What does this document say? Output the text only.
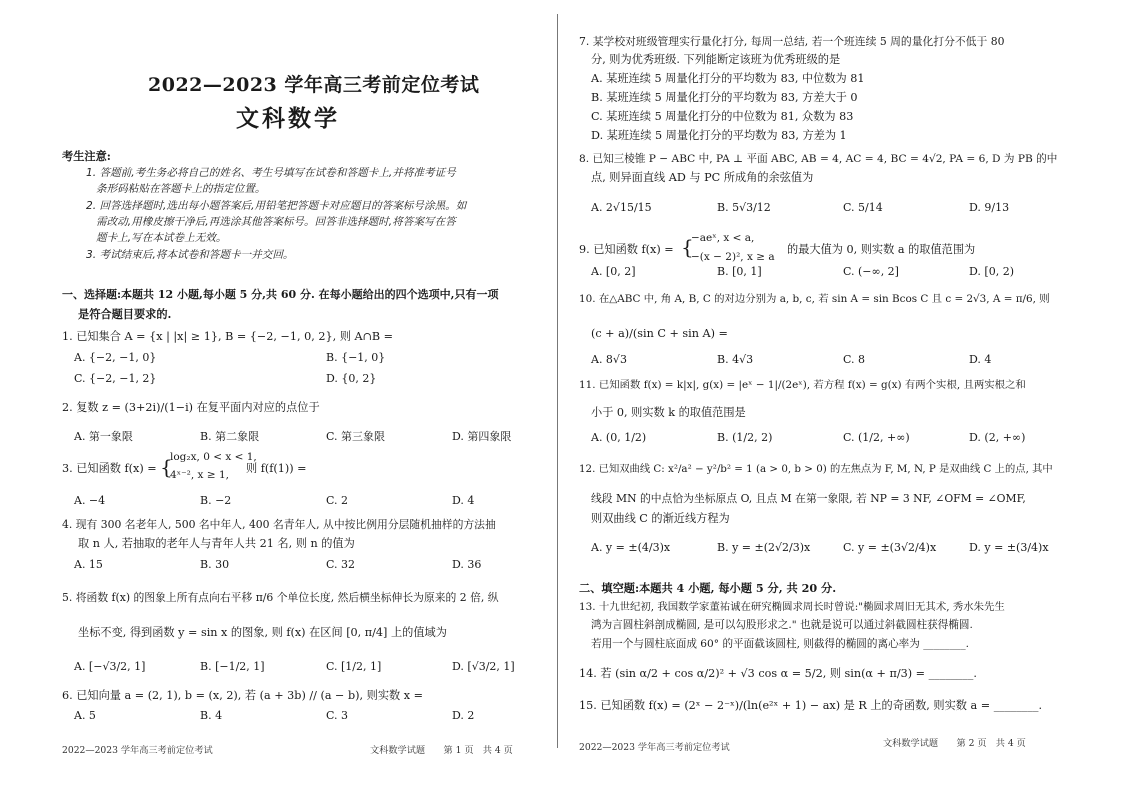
2022—2023 学年高三考前定位考试
文科数学
考生注意:
1. 答题前,考生务必将自己的姓名、考生号填写在试卷和答题卡上,并将准考证号
条形码粘贴在答题卡上的指定位置。
2. 回答选择题时,选出每小题答案后,用铅笔把答题卡对应题目的答案标号涂黑。如
需改动,用橡皮擦干净后,再选涂其他答案标号。回答非选择题时,将答案写在答
题卡上,写在本试卷上无效。
3. 考试结束后,将本试卷和答题卡一并交回。
一、选择题:本题共 12 小题,每小题 5 分,共 60 分. 在每小题给出的四个选项中,只有一项
是符合题目要求的.
1. 已知集合 A = {x | |x| ≥ 1}, B = {−2, −1, 0, 2}, 则 A∩B =
A. {−2, −1, 0}	B. {−1, 0}
C. {−2, −1, 2}	D. {0, 2}
2. 复数 z = (3+2i)/(1−i) 在复平面内对应的点位于
A. 第一象限	B. 第二象限	C. 第三象限	D. 第四象限
3. 已知函数 f(x) = {
log₂x, 0 < x < 1,
4ˣ⁻², x ≥ 1, 则 f(f(1)) =
A. −4	B. −2	C. 2	D. 4
4. 现有 300 名老年人, 500 名中年人, 400 名青年人, 从中按比例用分层随机抽样的方法抽
取 n 人, 若抽取的老年人与青年人共 21 名, 则 n 的值为
A. 15	B. 30	C. 32	D. 36
5. 将函数 f(x) 的图象上所有点向右平移 π/6 个单位长度, 然后横坐标伸长为原来的 2 倍, 纵
坐标不变, 得到函数 y = sin x 的图象, 则 f(x) 在区间 [0, π/4] 上的值域为
A. [−√3/2, 1]	B. [−1/2, 1]	C. [1/2, 1]	D. [√3/2, 1]
6. 已知向量 a = (2, 1), b = (x, 2), 若 (a + 3b) // (a − b), 则实数 x =
A. 5	B. 4	C. 3	D. 2
2022—2023 学年高三考前定位考试	文科数学试题　　第 1 页　共 4 页
7. 某学校对班级管理实行量化打分, 每周一总结, 若一个班连续 5 周的量化打分不低于 80
分, 则为优秀班级. 下列能断定该班为优秀班级的是
A. 某班连续 5 周量化打分的平均数为 83, 中位数为 81
B. 某班连续 5 周量化打分的平均数为 83, 方差大于 0
C. 某班连续 5 周量化打分的中位数为 81, 众数为 83
D. 某班连续 5 周量化打分的平均数为 83, 方差为 1
8. 已知三棱锥 P − ABC 中, PA ⊥ 平面 ABC, AB = 4, AC = 4, BC = 4√2, PA = 6, D 为 PB 的中
点, 则异面直线 AD 与 PC 所成角的余弦值为
A. 2√15/15	B. 5√3/12	C. 5/14	D. 9/13
9. 已知函数 f(x) = {
−aeˣ, x < a,
−(x − 2)², x ≥ a
的最大值为 0, 则实数 a 的取值范围为
A. [0, 2]	B. [0, 1]	C. (−∞, 2]	D. [0, 2)
10. 在△ABC 中, 角 A, B, C 的对边分别为 a, b, c, 若 sin A = sin Bcos C 且 c = 2√3, A = π/6, 则
(c + a)/(sin C + sin A) =
A. 8√3	B. 4√3	C. 8	D. 4
11. 已知函数 f(x) = k|x|, g(x) = |eˣ − 1|/(2eˣ), 若方程 f(x) = g(x) 有两个实根, 且两实根之和
小于 0, 则实数 k 的取值范围是
A. (0, 1/2)	B. (1/2, 2)	C. (1/2, +∞)	D. (2, +∞)
12. 已知双曲线 C: x²/a² − y²/b² = 1 (a > 0, b > 0) 的左焦点为 F, M, N, P 是双曲线 C 上的点, 其中
线段 MN 的中点恰为坐标原点 O, 且点 M 在第一象限, 若 NP = 3 NF, ∠OFM = ∠OMF,
则双曲线 C 的渐近线方程为
A. y = ±(4/3)x	B. y = ±(2√2/3)x	C. y = ±(3√2/4)x	D. y = ±(3/4)x
二、填空题:本题共 4 小题, 每小题 5 分, 共 20 分.
13. 十九世纪初, 我国数学家董祐诚在研究椭圆求周长时曾说:"椭圆求周旧无其术, 秀水朱先生
鸿为言圆柱斜剖成椭圆, 是可以勾股形求之." 也就是说可以通过斜截圆柱获得椭圆.
若用一个与圆柱底面成 60° 的平面截该圆柱, 则截得的椭圆的离心率为 ________.
14. 若 (sin α/2 + cos α/2)² + √3 cos α = 5/2, 则 sin(α + π/3) = ________.
15. 已知函数 f(x) = (2ˣ − 2⁻ˣ)/(ln(e²ˣ + 1) − ax) 是 R 上的奇函数, 则实数 a = ________.
2022—2023 学年高三考前定位考试	文科数学试题　　第 2 页　共 4 页
